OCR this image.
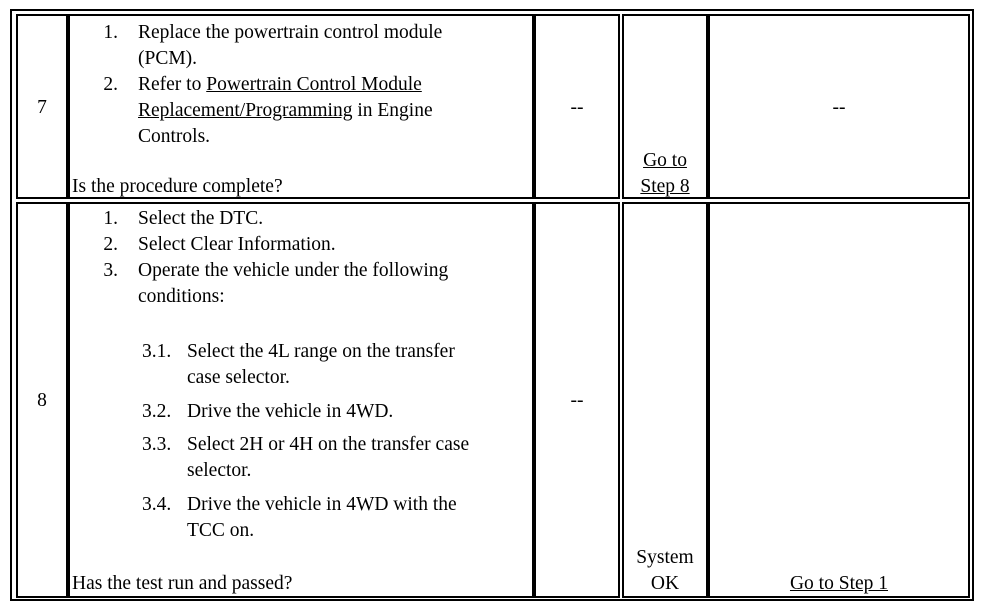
7
1. Replace the powertrain control module
(PCM).
2. Refer to Powertrain Control Module
Replacement/Programming in Engine
Controls.
Is the procedure complete?
--
Go to
Step 8
--
8
1. Select the DTC.
2. Select Clear Information.
3. Operate the vehicle under the following
conditions:
3.1. Select the 4L range on the transfer
case selector.
3.2. Drive the vehicle in 4WD.
3.3. Select 2H or 4H on the transfer case
selector.
3.4. Drive the vehicle in 4WD with the
TCC on.
Has the test run and passed?
--
System
OK	Go to Step 1
